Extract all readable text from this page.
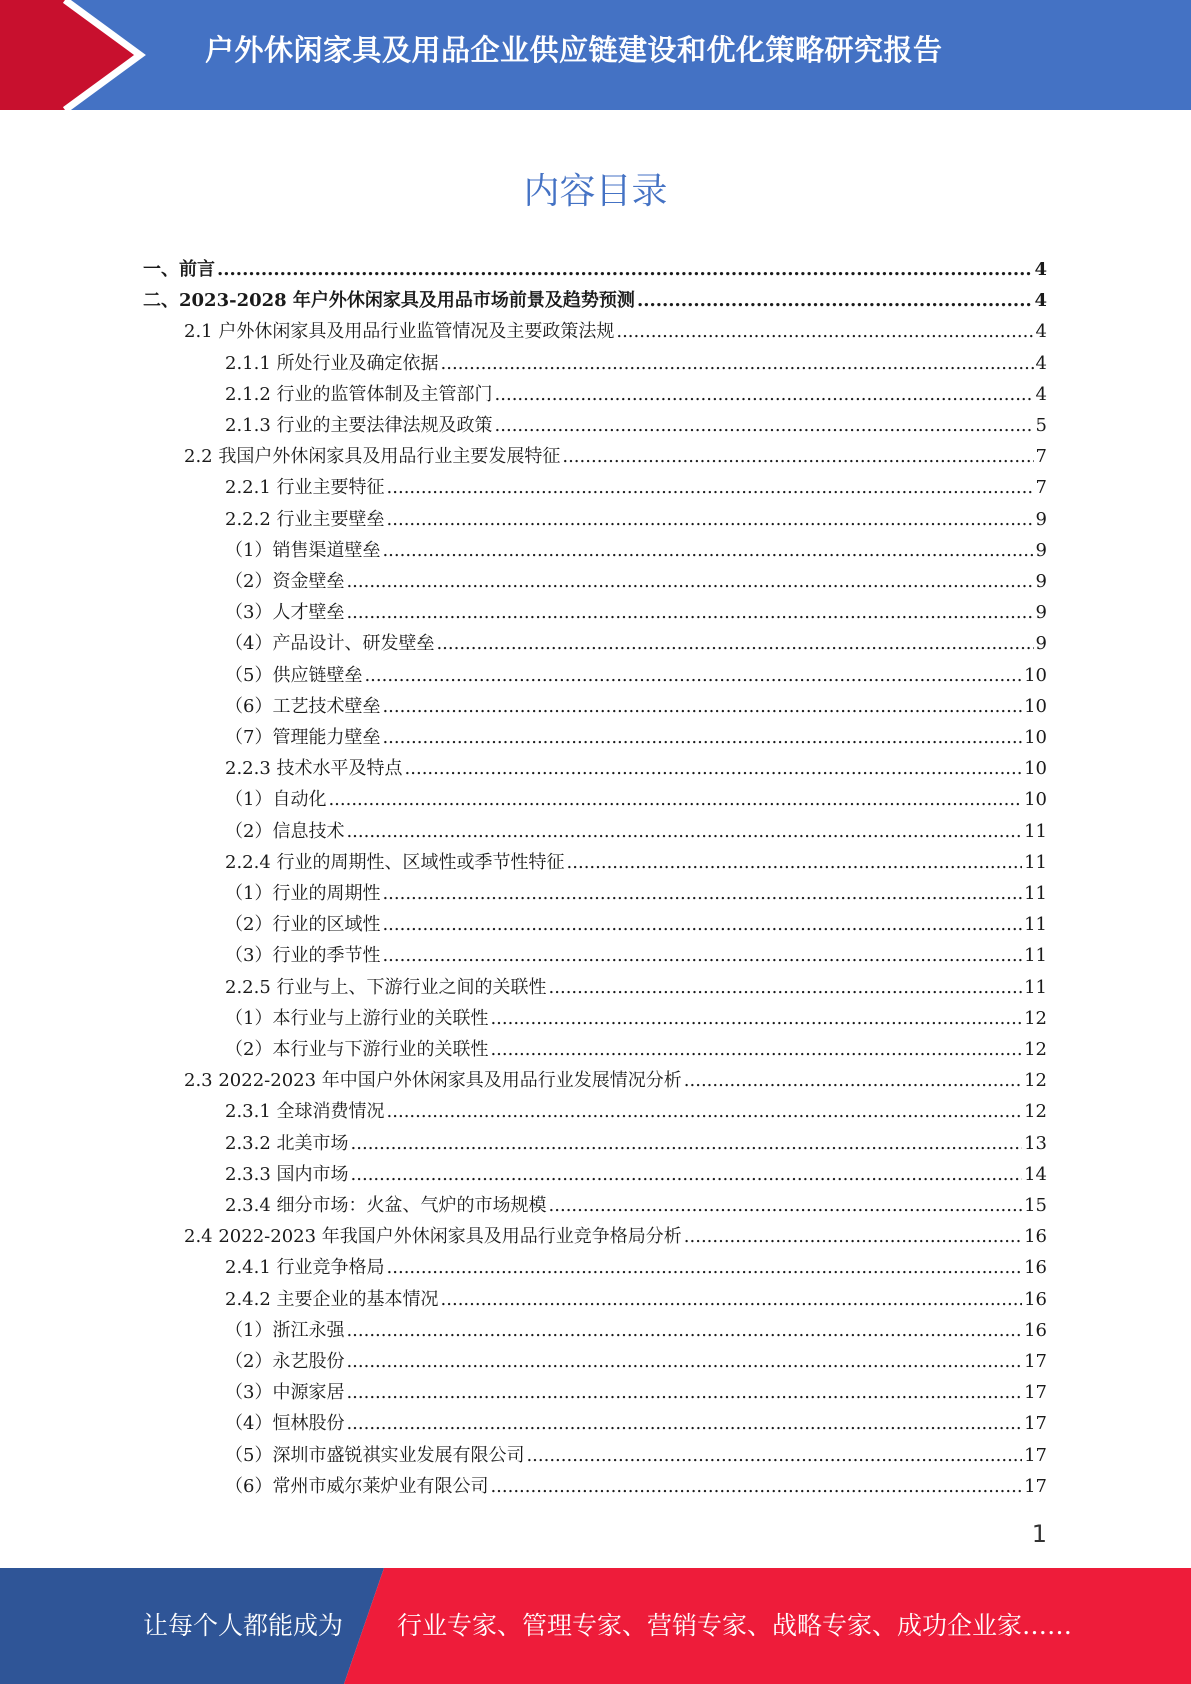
户外休闲家具及用品企业供应链建设和优化策略研究报告
内容目录
一、前言 .....	4
二、2023-2028 年户外休闲家具及用品市场前景及趋势预测 .....	4
2.1 户外休闲家具及用品行业监管情况及主要政策法规 .....	4
2.1.1 所处行业及确定依据 .....	4
2.1.2 行业的监管体制及主管部门 .....	4
2.1.3 行业的主要法律法规及政策 .....	5
2.2 我国户外休闲家具及用品行业主要发展特征 .....	7
2.2.1 行业主要特征 .....	7
2.2.2 行业主要壁垒 .....	9
（1）销售渠道壁垒 .....	9
（2）资金壁垒 .....	9
（3）人才壁垒 .....	9
（4）产品设计、研发壁垒 .....	9
（5）供应链壁垒 .....	10
（6）工艺技术壁垒 .....	10
（7）管理能力壁垒 .....	10
2.2.3 技术水平及特点 .....	10
（1）自动化 .....	10
（2）信息技术 .....	11
2.2.4 行业的周期性、区域性或季节性特征 .....	11
（1）行业的周期性 .....	11
（2）行业的区域性 .....	11
（3）行业的季节性 .....	11
2.2.5 行业与上、下游行业之间的关联性 .....	11
（1）本行业与上游行业的关联性 .....	12
（2）本行业与下游行业的关联性 .....	12
2.3 2022-2023 年中国户外休闲家具及用品行业发展情况分析 .....	12
2.3.1 全球消费情况 .....	12
2.3.2 北美市场 .....	13
2.3.3 国内市场 .....	14
2.3.4 细分市场：火盆、气炉的市场规模 .....	15
2.4 2022-2023 年我国户外休闲家具及用品行业竞争格局分析 .....	16
2.4.1 行业竞争格局 .....	16
2.4.2 主要企业的基本情况 .....	16
（1）浙江永强 .....	16
（2）永艺股份 .....	17
（3）中源家居 .....	17
（4）恒林股份 .....	17
（5）深圳市盛锐祺实业发展有限公司 .....	17
（6）常州市威尔莱炉业有限公司 .....	17
1
让每个人都能成为 行业专家、管理专家、营销专家、战略专家、成功企业家……
